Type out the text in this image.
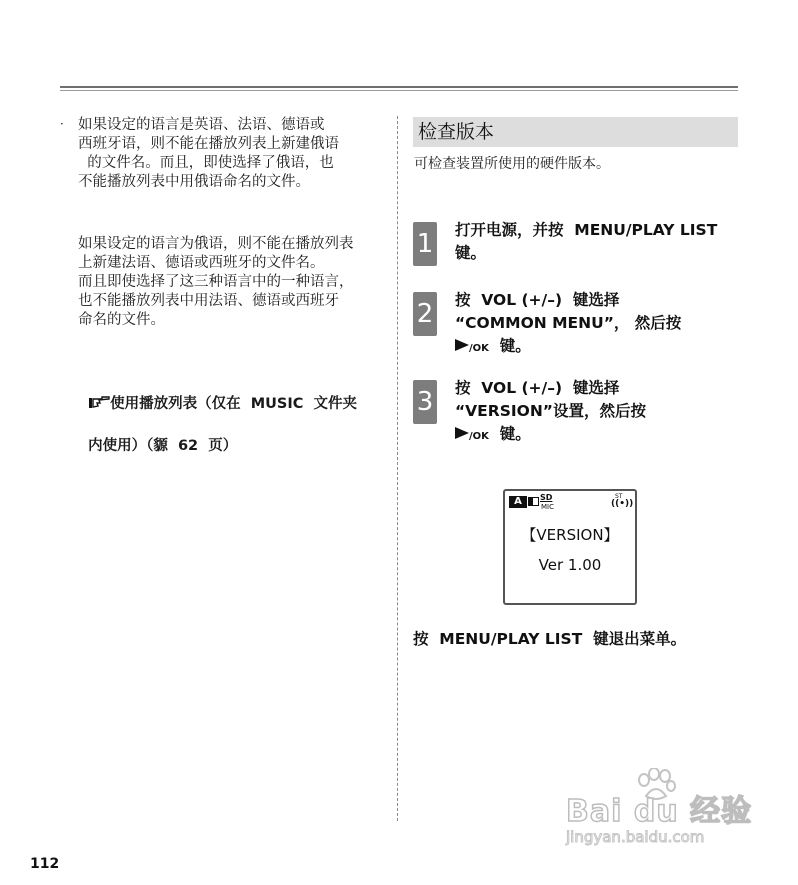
· 如果设定的语言是英语、法语、德语或
西班牙语，则不能在播放列表上新建俄语
的文件名。而且，即使选择了俄语，也
不能播放列表中用俄语命名的文件。
如果设定的语言为俄语，则不能在播放列表
上新建法语、德语或西班牙的文件名。
而且即使选择了这三种语言中的一种语言，
也不能播放列表中用法语、德语或西班牙
命名的文件。

使用播放列表（仅在  MUSIC  文件夹

内使用）（䝠  62  页）

检查版本
可检查装置所使用的硬件版本。
1 打开电源，并按  MENU/PLAY LIST
键。
2 按  VOL (+/–)  键选择
“COMMON MENU”， 然后按
/OK  键。
3 按  VOL (+/–)  键选择
“VERSION”设置，然后按
/OK  键。
A	SD
MIC
ST
((•))
【VERSION】
Ver 1.00
按  MENU/PLAY LIST  键退出菜单。
112
Bai du 经验
jingyan.baidu.com
